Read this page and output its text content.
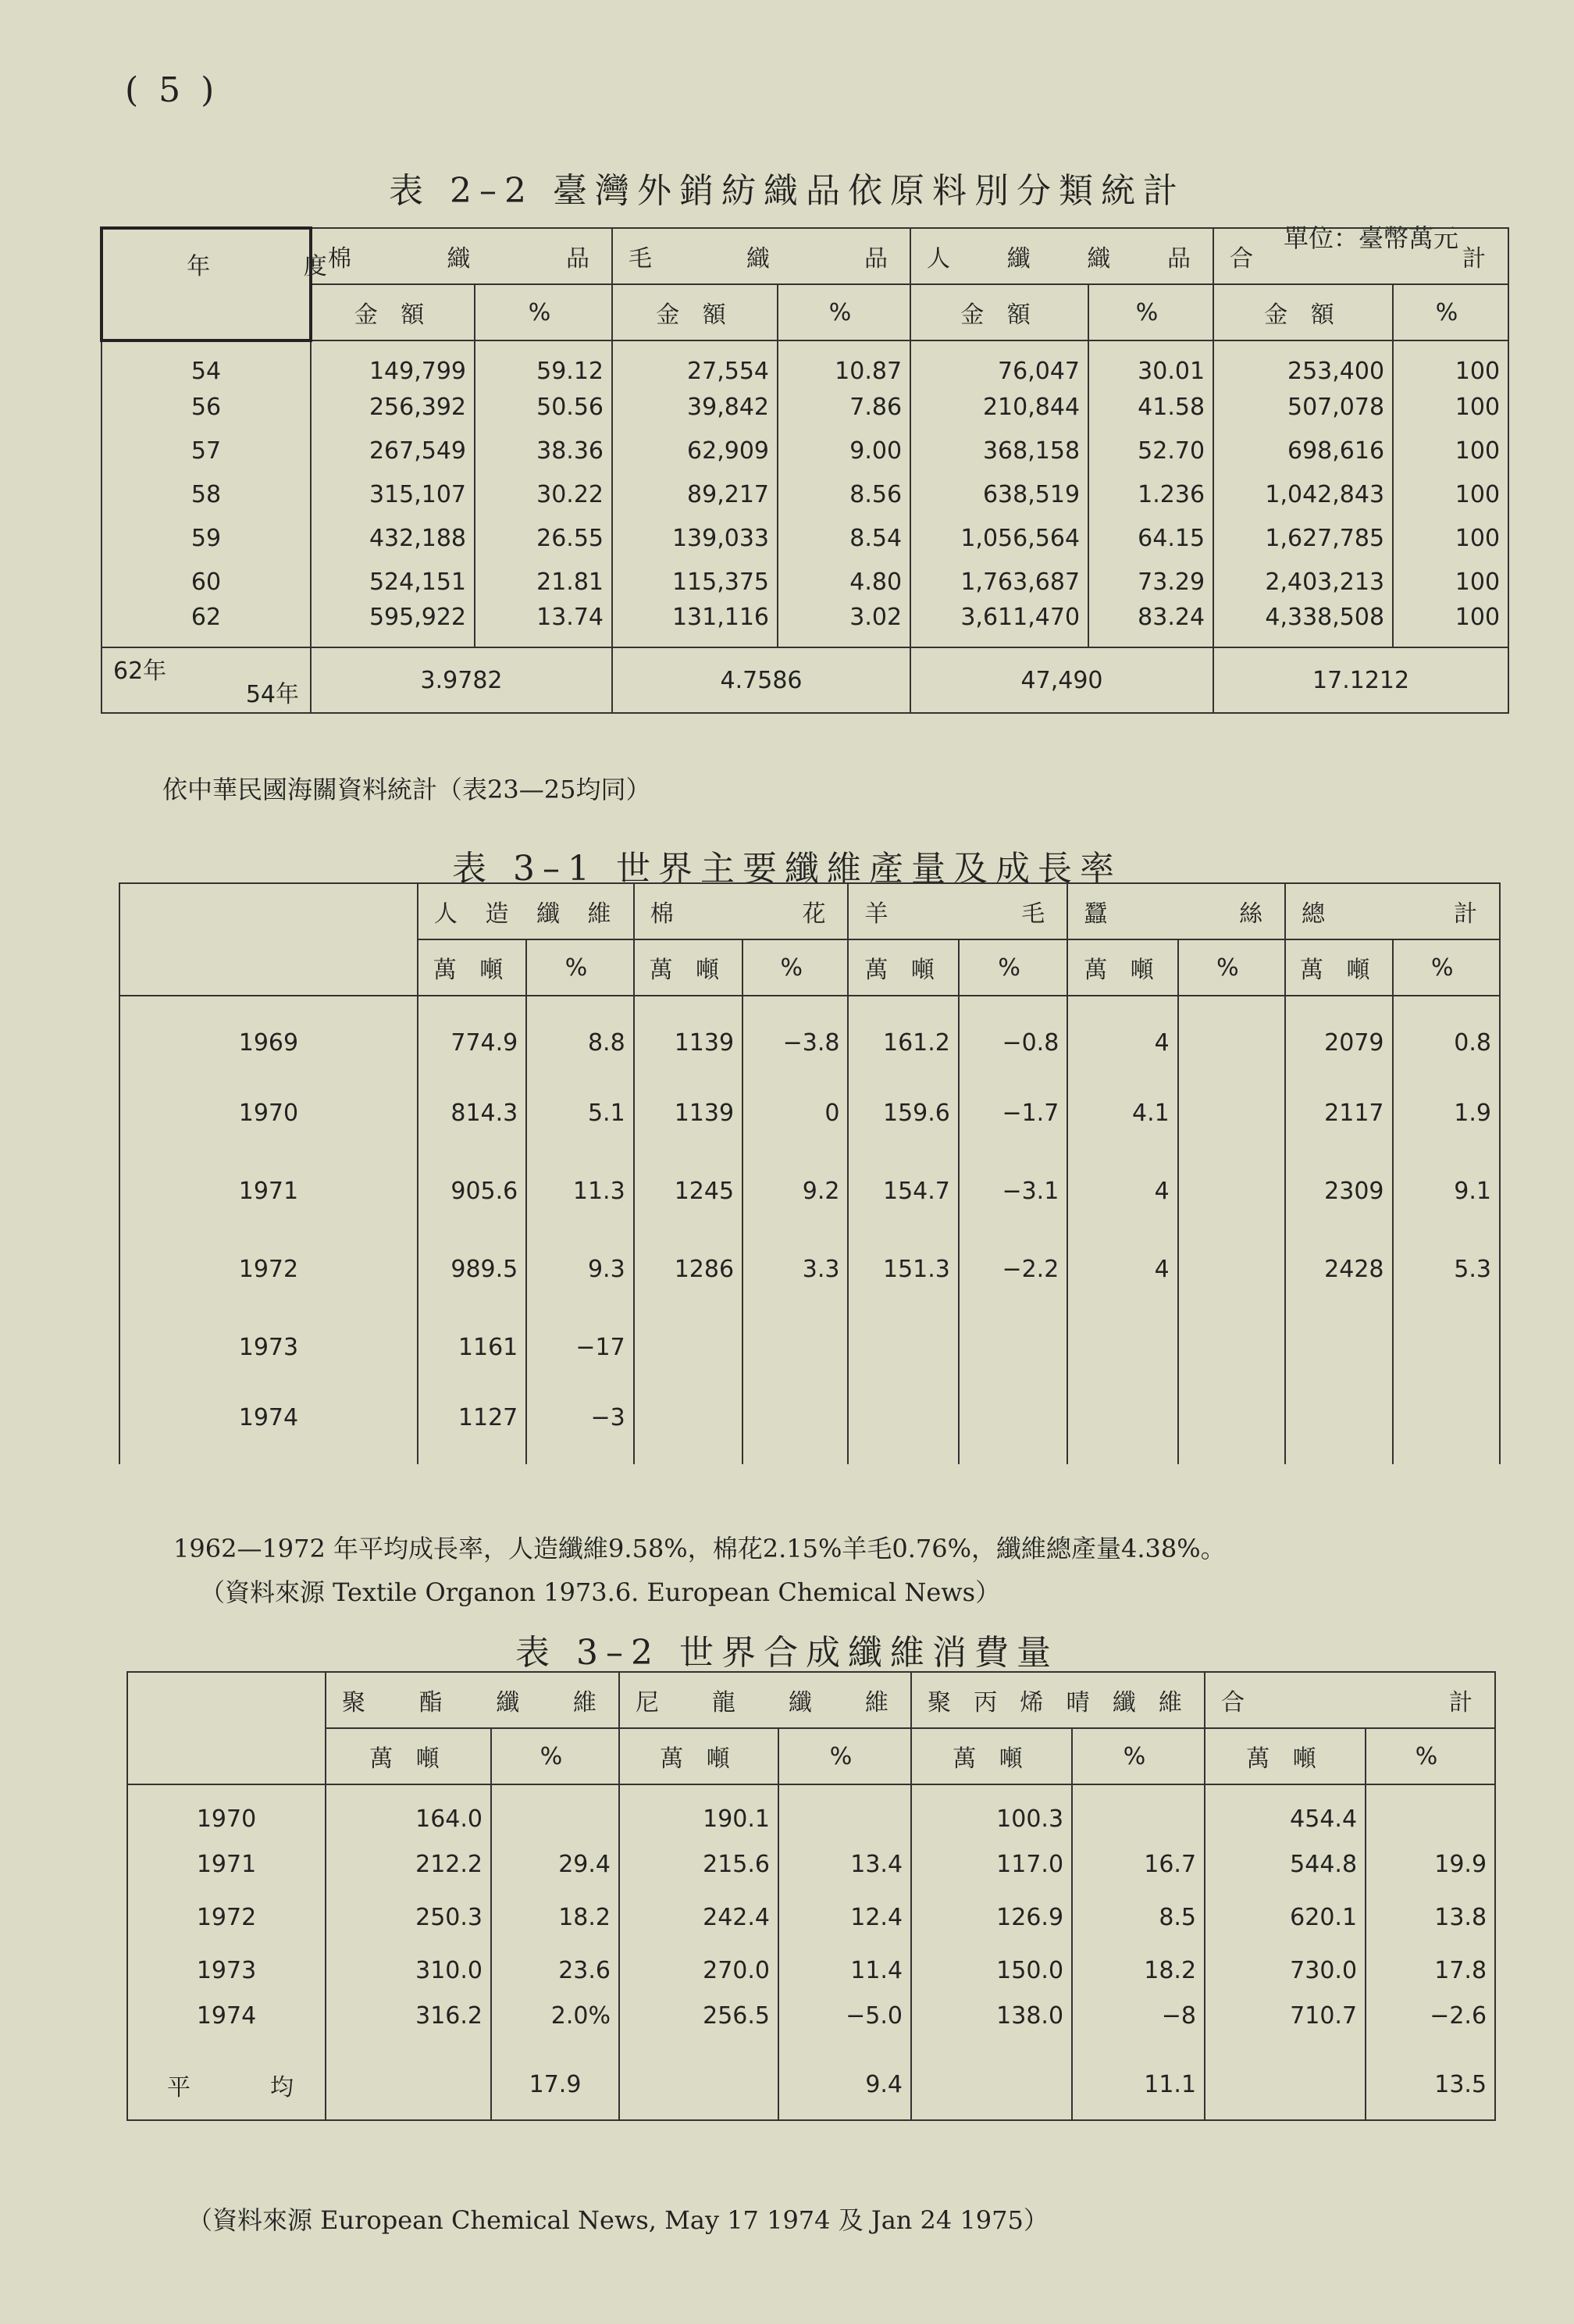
( 5 )
表 2–2 臺灣外銷紡織品依原料別分類統計
單位：臺幣萬元
年 度	棉 織 品		毛 織 品		人 纖 織 品		合 計	
	金 額	%	金 額	%	金 額	%	金 額	%
54	149,799	59.12	27,554	10.87	76,047	30.01	253,400	100
56	256,392	50.56	39,842	7.86	210,844	41.58	507,078	100
57	267,549	38.36	62,909	9.00	368,158	52.70	698,616	100
58	315,107	30.22	89,217	8.56	638,519	1.236	1,042,843	100
59	432,188	26.55	139,033	8.54	1,056,564	64.15	1,627,785	100
60	524,151	21.81	115,375	4.80	1,763,687	73.29	2,403,213	100
62	595,922	13.74	131,116	3.02	3,611,470	83.24	4,338,508	100

62年
54年	3.9782		4.7586		47,490		17.1212	
依中華民國海關資料統計（表23—25均同）
表 3–1 世界主要纖維產量及成長率
	人 造 纖 維		棉 花		羊 毛		蠶 絲		總 計	
	萬 噸	%	萬 噸	%	萬 噸	%	萬 噸	%	萬 噸	%
1969	774.9	8.8	1139	−3.8	161.2	−0.8	4		2079	0.8
1970	814.3	5.1	1139	0	159.6	−1.7	4.1		2117	1.9
1971	905.6	11.3	1245	9.2	154.7	−3.1	4		2309	9.1
1972	989.5	9.3	1286	3.3	151.3	−2.2	4		2428	5.3
1973	1161	−17								
1974	1127	−3								
1962—1972 年平均成長率，人造纖維9.58%，棉花2.15%羊毛0.76%，纖維總產量4.38%。
（資料來源 Textile Organon 1973.6. European Chemical News）
表 3–2 世界合成纖維消費量
	聚 酯 纖 維		尼 龍 纖 維		聚 丙 烯 晴 纖 維		合 計	
	萬 噸	%	萬 噸	%	萬 噸	%	萬 噸	%
1970	164.0		190.1		100.3		454.4	
1971	212.2	29.4	215.6	13.4	117.0	16.7	544.8	19.9
1972	250.3	18.2	242.4	12.4	126.9	8.5	620.1	13.8
1973	310.0	23.6	270.0	11.4	150.0	18.2	730.0	17.8
1974	316.2	2.0%	256.5	−5.0	138.0	−8	710.7	−2.6
平 均		17.9		9.4		11.1		13.5
（資料來源 European Chemical News, May 17 1974 及 Jan 24 1975）
